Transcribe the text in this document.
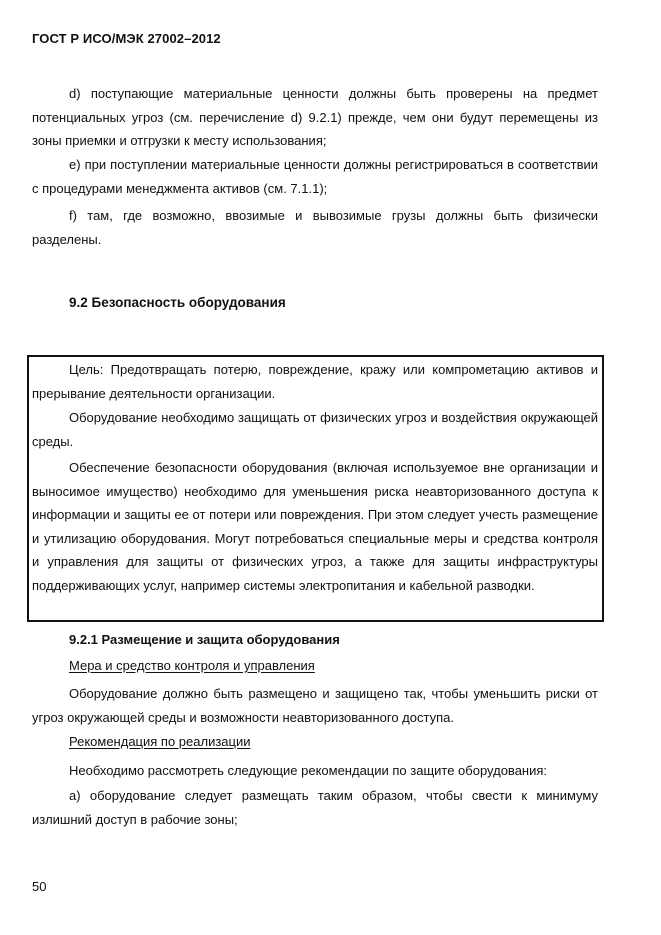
ГОСТ Р ИСО/МЭК 27002–2012

d) поступающие материальные ценности должны быть проверены на предмет потенциальных угроз (см. перечисление d) 9.2.1) прежде, чем они будут перемещены из зоны приемки и отгрузки к месту использования;

e) при поступлении материальные ценности должны регистрироваться в соответствии с процедурами менеджмента активов (см. 7.1.1);

f) там, где возможно, ввозимые и вывозимые грузы должны быть физически разделены.

9.2 Безопасность оборудования

Цель: Предотвращать потерю, повреждение, кражу или компрометацию активов и прерывание деятельности организации.

Оборудование необходимо защищать от физических угроз и воздействия окружающей среды.

Обеспечение безопасности оборудования (включая используемое вне организации и выносимое имущество) необходимо для уменьшения риска неавторизованного доступа к информации и защиты ее от потери или повреждения. При этом следует учесть размещение и утилизацию оборудования. Могут потребоваться специальные меры и средства контроля и управления для защиты от физических угроз, а также для защиты инфраструктуры поддерживающих услуг, например системы электропитания и кабельной разводки.

9.2.1 Размещение и защита оборудования
Мера и средство контроля и управления

Оборудование должно быть размещено и защищено так, чтобы уменьшить риски от угроз окружающей среды и возможности неавторизованного доступа.

Рекомендация по реализации

Необходимо рассмотреть следующие рекомендации по защите оборудования:

a) оборудование следует размещать таким образом, чтобы свести к минимуму излишний доступ в рабочие зоны;

50
